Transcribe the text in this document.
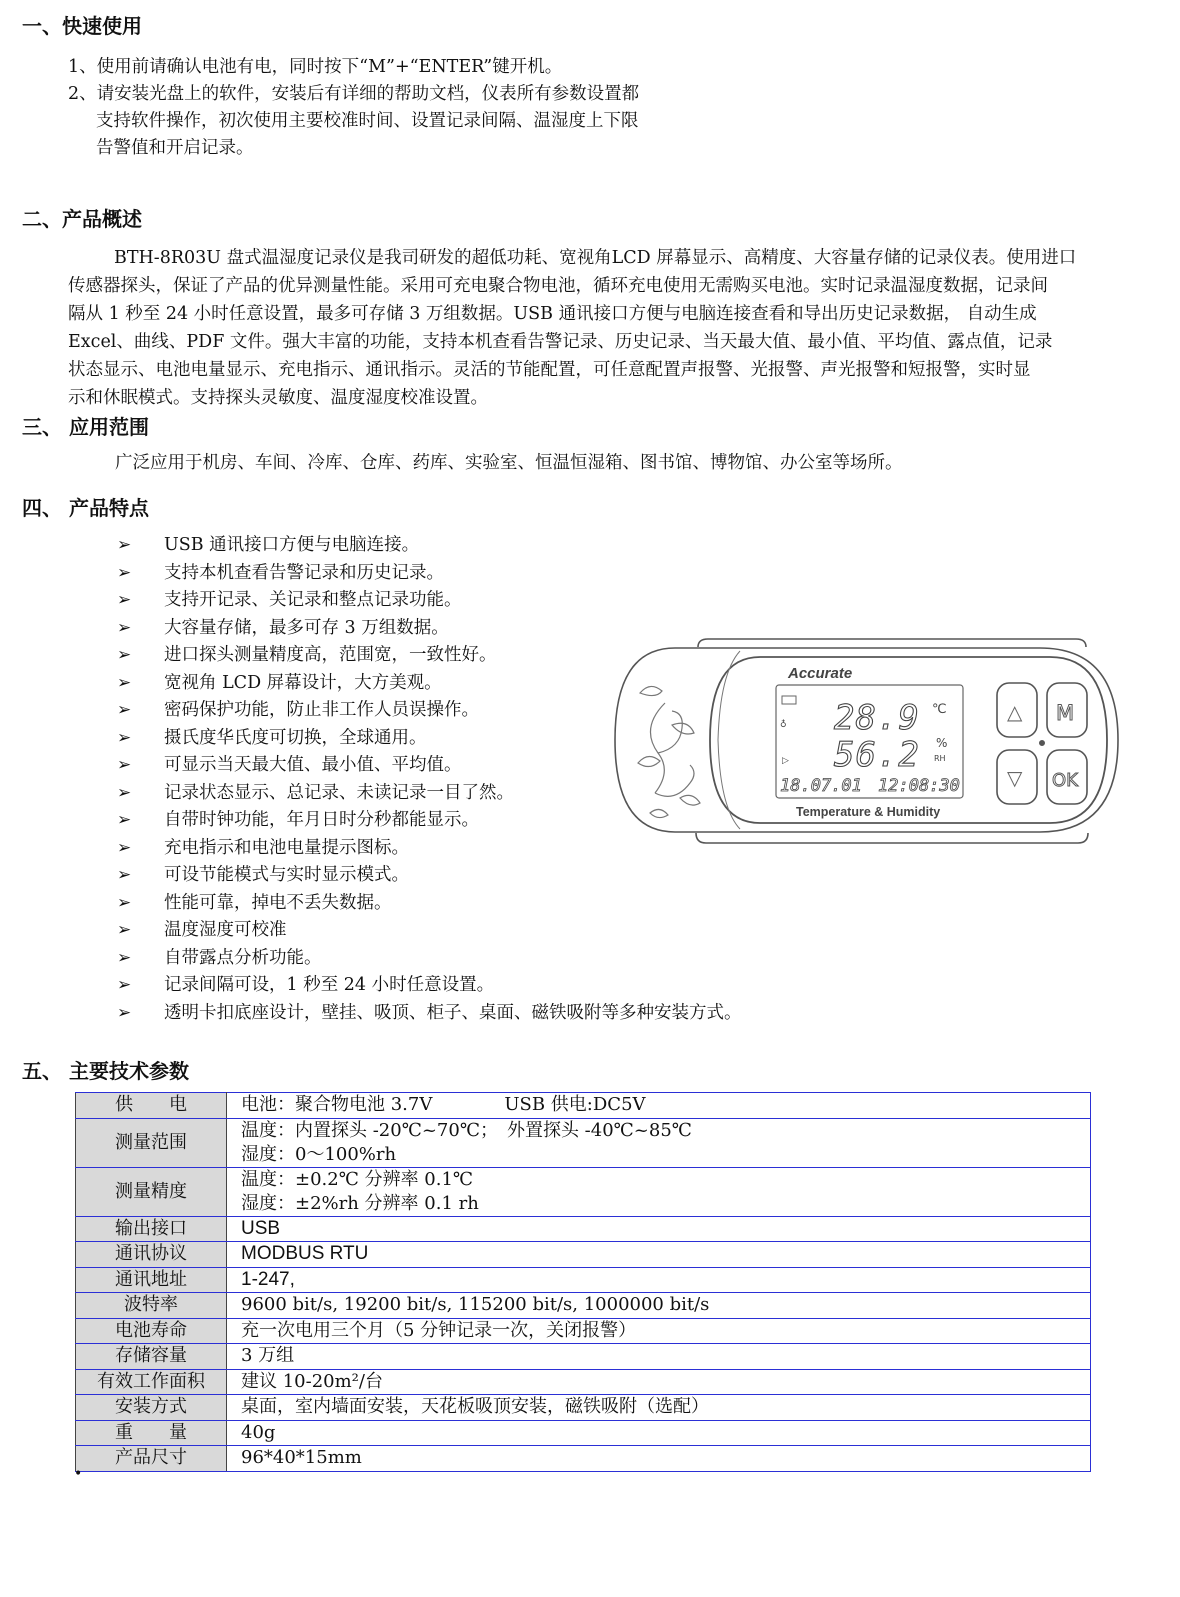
一、快速使用
1、使用前请确认电池有电，同时按下“M”+“ENTER”键开机。
2、请安装光盘上的软件，安装后有详细的帮助文档，仪表所有参数设置都
支持软件操作，初次使用主要校准时间、设置记录间隔、温湿度上下限
告警值和开启记录。
二、产品概述
BTH-8R03U 盘式温湿度记录仪是我司研发的超低功耗、宽视角LCD 屏幕显示、高精度、大容量存储的记录仪表。使用进口
传感器探头，保证了产品的优异测量性能。采用可充电聚合物电池，循环充电使用无需购买电池。实时记录温湿度数据，记录间
隔从 1 秒至 24 小时任意设置，最多可存储 3 万组数据。USB 通讯接口方便与电脑连接查看和导出历史记录数据， 自动生成
Excel、曲线、PDF 文件。强大丰富的功能，支持本机查看告警记录、历史记录、当天最大值、最小值、平均值、露点值，记录
状态显示、电池电量显示、充电指示、通讯指示。灵活的节能配置，可任意配置声报警、光报警、声光报警和短报警，实时显
示和休眠模式。支持探头灵敏度、温度湿度校准设置。
三、 应用范围
广泛应用于机房、车间、冷库、仓库、药库、实验室、恒温恒湿箱、图书馆、博物馆、办公室等场所。
四、 产品特点
➢ USB 通讯接口方便与电脑连接。
➢ 支持本机查看告警记录和历史记录。
➢ 支持开记录、关记录和整点记录功能。
➢ 大容量存储，最多可存 3 万组数据。
➢ 进口探头测量精度高，范围宽，一致性好。
➢ 宽视角 LCD 屏幕设计，大方美观。
➢ 密码保护功能，防止非工作人员误操作。
➢ 摄氏度华氏度可切换，全球通用。
➢ 可显示当天最大值、最小值、平均值。
➢ 记录状态显示、总记录、未读记录一目了然。
➢ 自带时钟功能，年月日时分秒都能显示。
➢ 充电指示和电池电量提示图标。
➢ 可设节能模式与实时显示模式。
➢ 性能可靠，掉电不丢失数据。
➢ 温度湿度可校准
➢ 自带露点分析功能。
➢ 记录间隔可设，1 秒至 24 小时任意设置。
➢ 透明卡扣底座设计，壁挂、吸顶、柜子、桌面、磁铁吸附等多种安装方式。
Accurate
28.9 ℃
56.2 %
RH
♁
▷
18.07.01 12:08:30
Temperature & Humidity
△ M
▽ OK
五、 主要技术参数
供　　电	电池：聚合物电池 3.7V　　　　USB 供电:DC5V

测量范围	温度：内置探头 -20℃~70℃；　外置探头 -40℃~85℃
湿度：0～100%rh

测量精度	温度：±0.2℃ 分辨率 0.1℃
湿度：±2%rh 分辨率 0.1 rh

输出接口	USB

通讯协议	MODBUS RTU

通讯地址	1-247,

波特率	9600 bit/s, 19200 bit/s, 115200 bit/s, 1000000 bit/s

电池寿命	充一次电用三个月（5 分钟记录一次，关闭报警）

存储容量	3 万组

有效工作面积	建议 10-20m²/台

安装方式	桌面，室内墙面安装，天花板吸顶安装，磁铁吸附（选配）

重　　量	40g

产品尺寸	96*40*15mm
•
